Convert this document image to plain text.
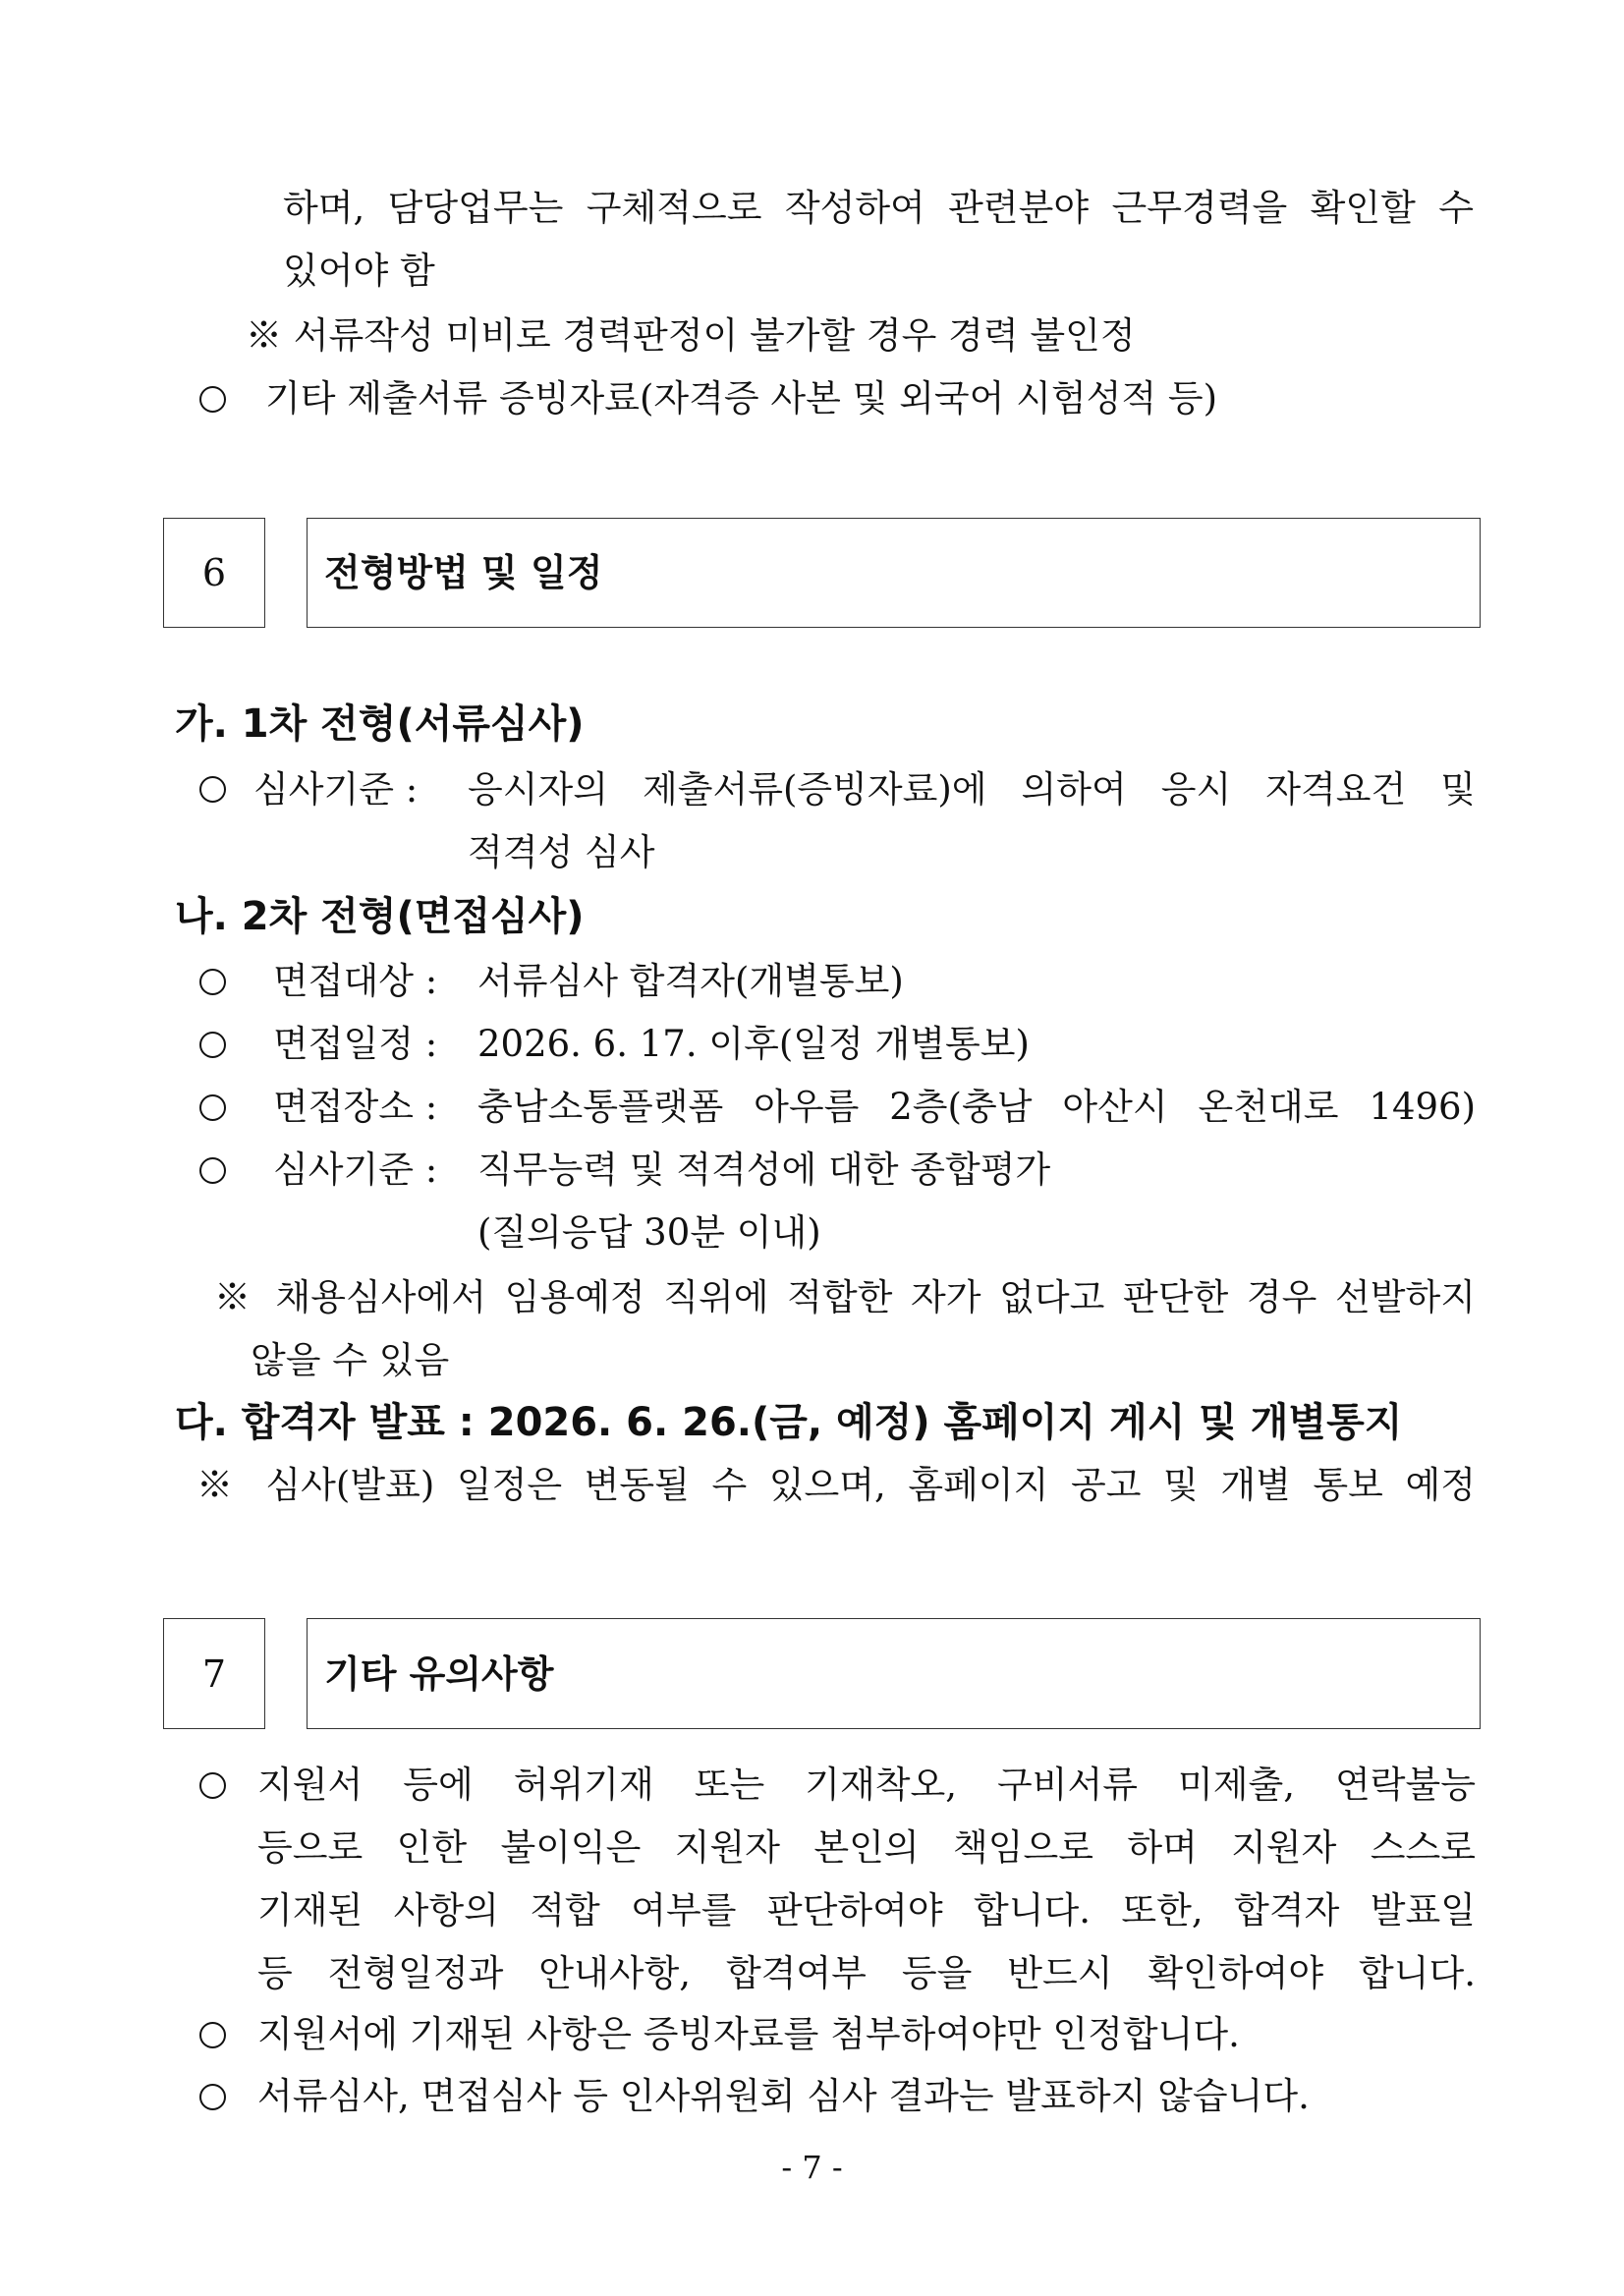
하며, 담당업무는 구체적으로 작성하여 관련분야 근무경력을 확인할 수
있어야 함
※ 서류작성 미비로 경력판정이 불가할 경우 경력 불인정
기타 제출서류 증빙자료(자격증 사본 및 외국어 시험성적 등)
6	전형방법 및 일정
가. 1차 전형(서류심사)
심사기준 : 응시자의 제출서류(증빙자료)에 의하여 응시 자격요건 및
적격성 심사
나. 2차 전형(면접심사)
면접대상 : 서류심사 합격자(개별통보)
면접일정 : 2026. 6. 17. 이후(일정 개별통보)
면접장소 : 충남소통플랫폼 아우름 2층(충남 아산시 온천대로 1496)
심사기준 : 직무능력 및 적격성에 대한 종합평가
(질의응답 30분 이내)
※ 채용심사에서 임용예정 직위에 적합한 자가 없다고 판단한 경우 선발하지
않을 수 있음
다. 합격자 발표 : 2026. 6. 26.(금, 예정) 홈페이지 게시 및 개별통지
※ 심사(발표) 일정은 변동될 수 있으며, 홈페이지 공고 및 개별 통보 예정
7	기타 유의사항
지원서 등에 허위기재 또는 기재착오, 구비서류 미제출, 연락불능
등으로 인한 불이익은 지원자 본인의 책임으로 하며 지원자 스스로
기재된 사항의 적합 여부를 판단하여야 합니다. 또한, 합격자 발표일
등 전형일정과 안내사항, 합격여부 등을 반드시 확인하여야 합니다.
지원서에 기재된 사항은 증빙자료를 첨부하여야만 인정합니다.
서류심사, 면접심사 등 인사위원회 심사 결과는 발표하지 않습니다.
- 7 -
